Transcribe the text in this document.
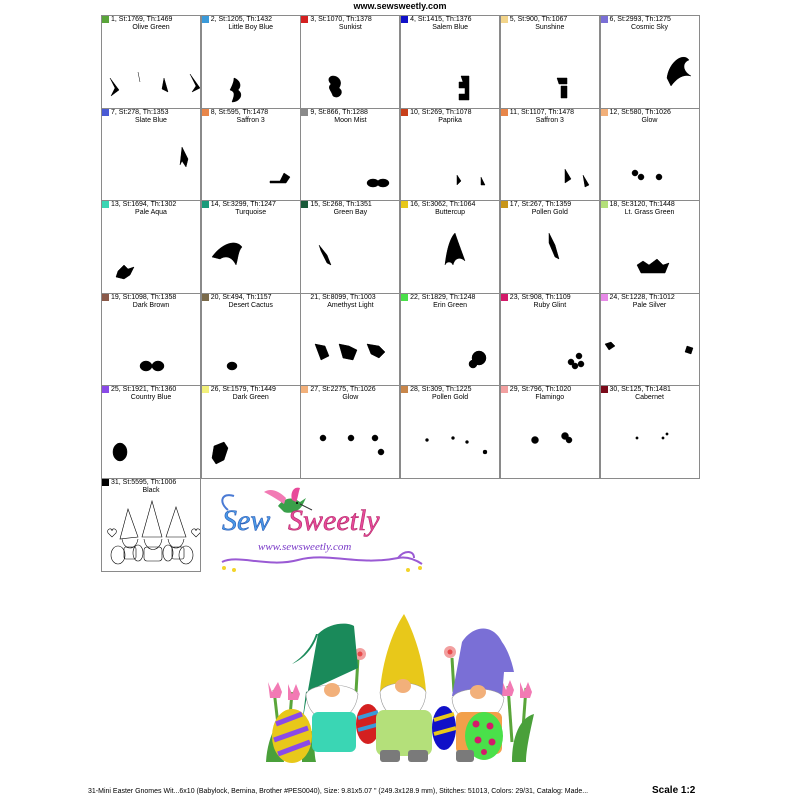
www.sewsweetly.com
1, St:1769, Th:1469
Olive Green
2, St:1205, Th:1432
Little Boy Blue
3, St:1070, Th:1378
Sunkist
4, St:1415, Th:1376
Salem Blue
5, St:900, Th:1067
Sunshine
6, St:2993, Th:1275
Cosmic Sky
7, St:278, Th:1353
Slate Blue
8, St:595, Th:1478
Saffron 3
9, St:866, Th:1288
Moon Mist
10, St:269, Th:1078
Paprika
11, St:1107, Th:1478
Saffron 3
12, St:580, Th:1026
Glow
13, St:1694, Th:1302
Pale Aqua
14, St:3299, Th:1247
Turquoise
15, St:268, Th:1351
Green Bay
16, St:3062, Th:1064
Buttercup
17, St:267, Th:1359
Pollen Gold
18, St:3120, Th:1448
Lt. Grass Green
19, St:1098, Th:1358
Dark Brown
20, St:494, Th:1157
Desert Cactus
21, St:8099, Th:1003
Amethyst Light
22, St:1829, Th:1248
Erin Green
23, St:908, Th:1109
Ruby Glint
24, St:1228, Th:1012
Pale Silver
25, St:1921, Th:1360
Country Blue
26, St:1579, Th:1449
Dark Green
27, St:2275, Th:1026
Glow
28, St:309, Th:1225
Pollen Gold
29, St:796, Th:1020
Flamingo
30, St:125, Th:1481
Cabernet
31, St:5595, Th:1006
Black
Sew Sweetly
www.sewsweetly.com
31-Mini Easter Gnomes Wit...6x10 (Babylock, Bernina, Brother #PES0040), Size: 9.81x5.07 " (249.3x128.9 mm), Stitches: 51013, Colors: 29/31, Catalog: Made...	Scale 1:2
